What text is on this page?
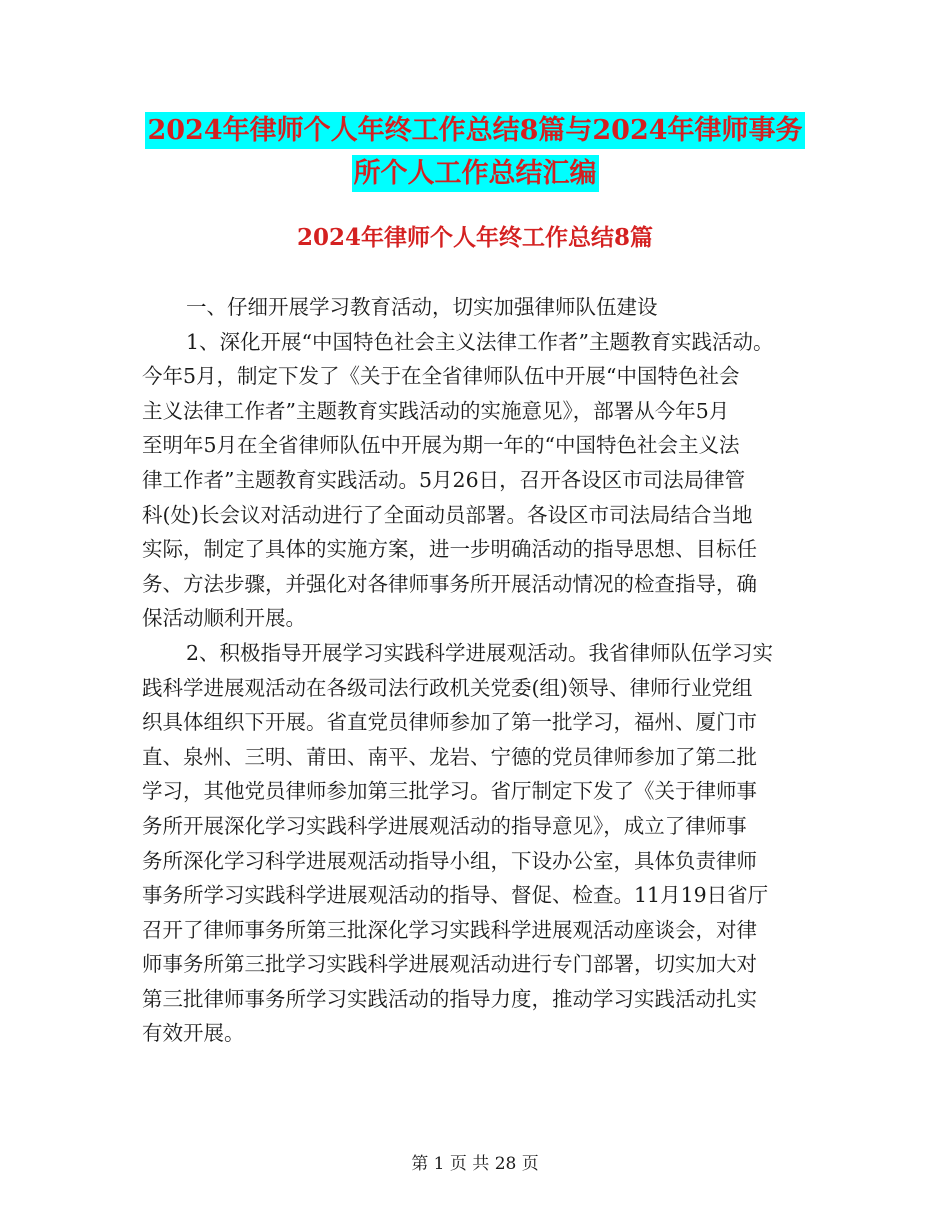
2024年律师个人年终工作总结8篇与2024年律师事务
所个人工作总结汇编
2024年律师个人年终工作总结8篇
一、仔细开展学习教育活动，切实加强律师队伍建设
1、深化开展“中国特色社会主义法律工作者”主题教育实践活动。
今年5月，制定下发了《关于在全省律师队伍中开展“中国特色社会
主义法律工作者”主题教育实践活动的实施意见》，部署从今年5月
至明年5月在全省律师队伍中开展为期一年的“中国特色社会主义法
律工作者”主题教育实践活动。5月26日，召开各设区市司法局律管
科(处)长会议对活动进行了全面动员部署。各设区市司法局结合当地
实际，制定了具体的实施方案，进一步明确活动的指导思想、目标任
务、方法步骤，并强化对各律师事务所开展活动情况的检查指导，确
保活动顺利开展。
2、积极指导开展学习实践科学进展观活动。我省律师队伍学习实
践科学进展观活动在各级司法行政机关党委(组)领导、律师行业党组
织具体组织下开展。省直党员律师参加了第一批学习，福州、厦门市
直、泉州、三明、莆田、南平、龙岩、宁德的党员律师参加了第二批
学习，其他党员律师参加第三批学习。省厅制定下发了《关于律师事
务所开展深化学习实践科学进展观活动的指导意见》，成立了律师事
务所深化学习科学进展观活动指导小组，下设办公室，具体负责律师
事务所学习实践科学进展观活动的指导、督促、检查。11月19日省厅
召开了律师事务所第三批深化学习实践科学进展观活动座谈会，对律
师事务所第三批学习实践科学进展观活动进行专门部署，切实加大对
第三批律师事务所学习实践活动的指导力度，推动学习实践活动扎实
有效开展。
第 1 页 共 28 页
